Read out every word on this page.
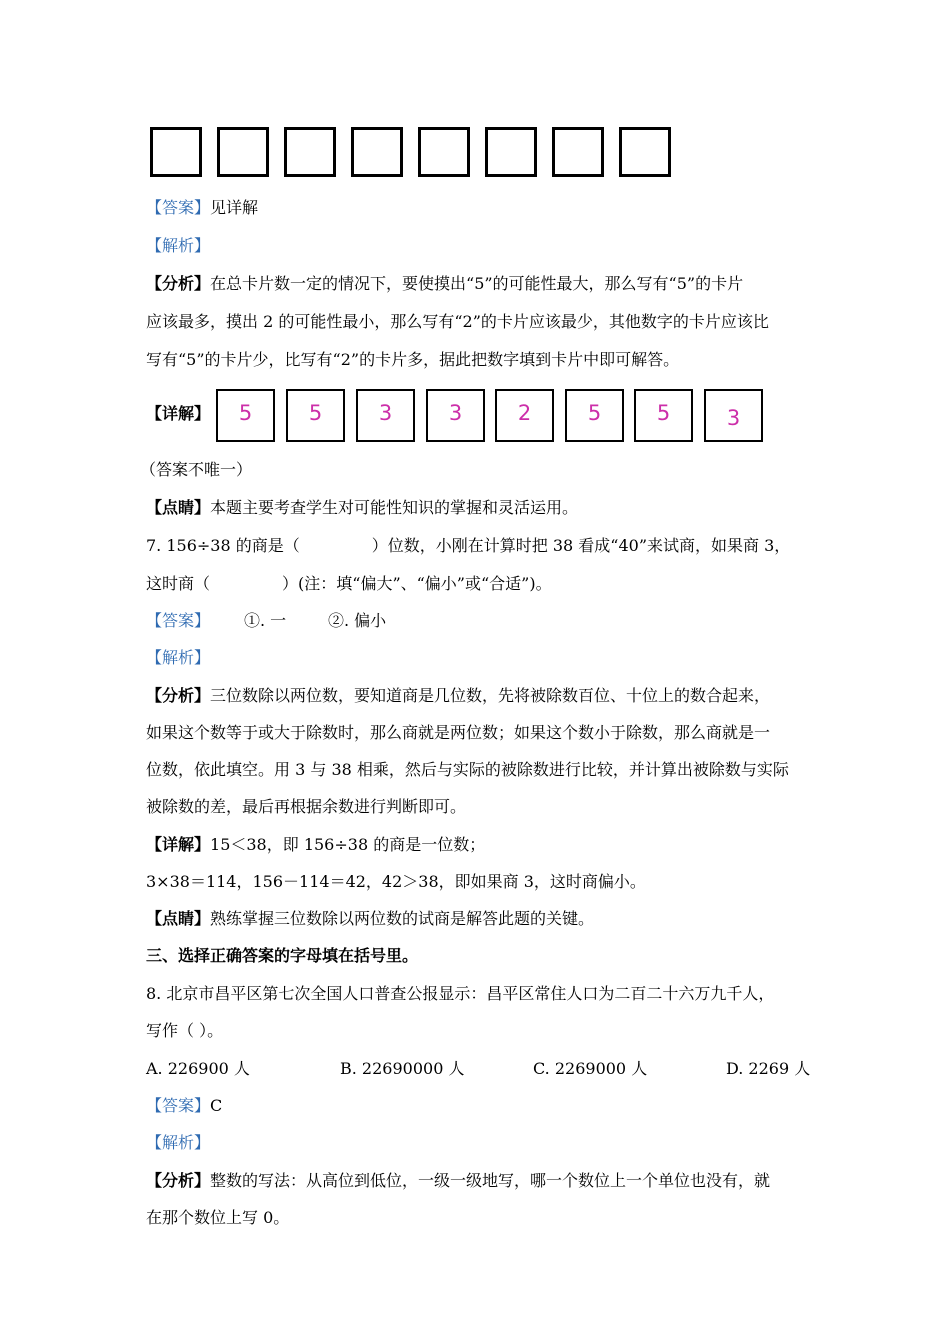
【答案】见详解
【解析】
【分析】在总卡片数一定的情况下，要使摸出“5”的可能性最大，那么写有“5”的卡片
应该最多，摸出 2 的可能性最小，那么写有“2”的卡片应该最少，其他数字的卡片应该比
写有“5”的卡片少，比写有“2”的卡片多，据此把数字填到卡片中即可解答。
【详解】 5	5	3	3	2	5	5	3
（答案不唯一）
【点睛】本题主要考查学生对可能性知识的掌握和灵活运用。
7. 156÷38 的商是（	）位数，小刚在计算时把 38 看成“40”来试商，如果商 3，
这时商（	）(注：填“偏大”、“偏小”或“合适”)。
【答案】 ①. 一	②. 偏小
【解析】
【分析】三位数除以两位数，要知道商是几位数，先将被除数百位、十位上的数合起来，
如果这个数等于或大于除数时，那么商就是两位数；如果这个数小于除数，那么商就是一
位数，依此填空。用 3 与 38 相乘，然后与实际的被除数进行比较，并计算出被除数与实际
被除数的差，最后再根据余数进行判断即可。
【详解】15＜38，即 156÷38 的商是一位数；
3×38＝114，156－114＝42，42＞38，即如果商 3，这时商偏小。
【点睛】熟练掌握三位数除以两位数的试商是解答此题的关键。
三、选择正确答案的字母填在括号里。
8. 北京市昌平区第七次全国人口普查公报显示：昌平区常住人口为二百二十六万九千人，
写作（ ）。
A. 226900 人	B. 22690000 人	C. 2269000 人	D. 2269 人
【答案】C
【解析】
【分析】整数的写法：从高位到低位，一级一级地写，哪一个数位上一个单位也没有，就
在那个数位上写 0。
